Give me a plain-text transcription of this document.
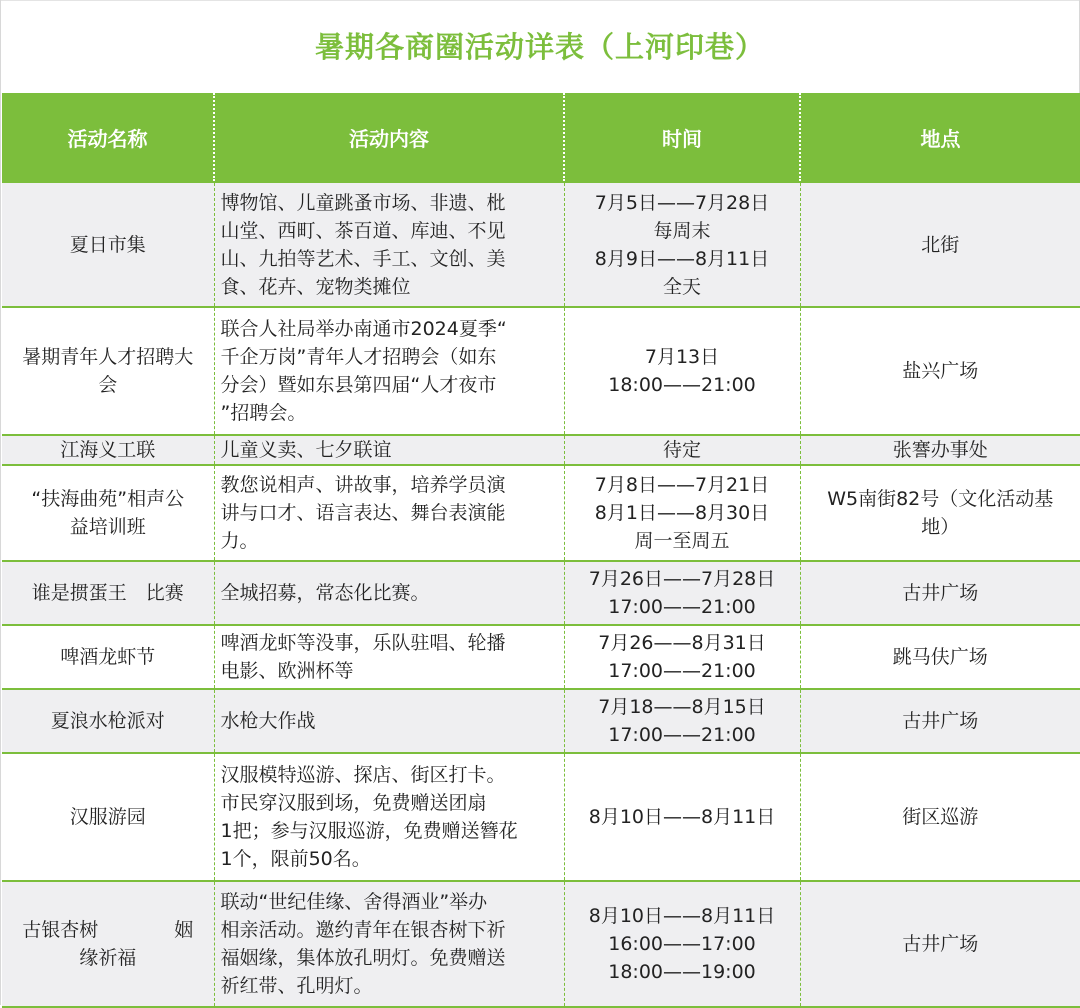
暑期各商圈活动详表（上河印巷）
活动名称	活动内容	时间	地点

夏日市集	博物馆、儿童跳蚤市场、非遗、枇
山堂、西町、茶百道、库迪、不见
山、九拍等艺术、手工、文创、美
食、花卉、宠物类摊位	7月5日——7月28日
每周末
8月9日——8月11日
全天	北街

暑期青年人才招聘大
会	联合人社局举办南通市2024夏季“
千企万岗”青年人才招聘会（如东
分会）暨如东县第四届“人才夜市
”招聘会。	7月13日
18:00——21:00	盐兴广场

江海义工联	儿童义卖、七夕联谊	待定	张謇办事处

“扶海曲苑”相声公
益培训班	教您说相声、讲故事，培养学员演
讲与口才、语言表达、舞台表演能
力。	7月8日——7月21日
8月1日——8月30日
周一至周五	W5南街82号（文化活动基
地）

谁是掼蛋王　比赛	全城招募，常态化比赛。	7月26日——7月28日
17:00——21:00	古井广场

啤酒龙虾节	啤酒龙虾等没事，乐队驻唱、轮播
电影、欧洲杯等	7月26——8月31日
17:00——21:00	跳马伕广场

夏浪水枪派对	水枪大作战	7月18——8月15日
17:00——21:00	古井广场

汉服游园	汉服模特巡游、探店、街区打卡。
市民穿汉服到场，免费赠送团扇
1把；参与汉服巡游，免费赠送簪花
1个，限前50名。	8月10日——8月11日	街区巡游

古银杏树　　　　姻
缘祈福	联动“世纪佳缘、舍得酒业”举办
相亲活动。邀约青年在银杏树下祈
福姻缘，集体放孔明灯。免费赠送
祈红带、孔明灯。	8月10日——8月11日
16:00——17:00
18:00——19:00	古井广场
